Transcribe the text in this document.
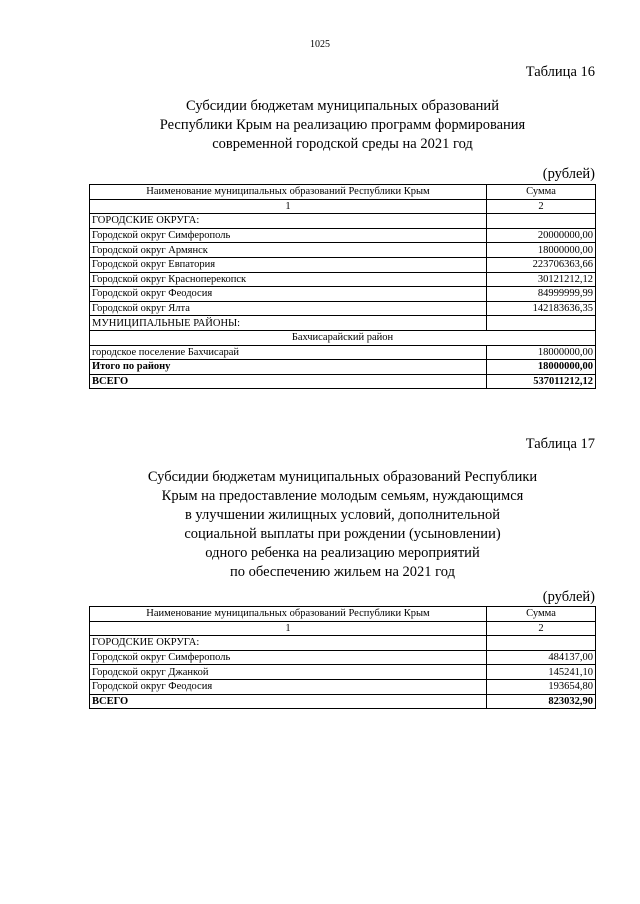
1025
Таблица 16
Субсидии бюджетам муниципальных образований
Республики Крым на реализацию программ формирования
современной городской среды на 2021 год
(рублей)
Наименование муниципальных образований Республики Крым	Сумма
1	2
ГОРОДСКИЕ ОКРУГА:	
Городской округ Симферополь	20000000,00
Городской округ Армянск	18000000,00
Городской округ Евпатория	223706363,66
Городской округ Красноперекопск	30121212,12
Городской округ Феодосия	84999999,99
Городской округ Ялта	142183636,35
МУНИЦИПАЛЬНЫЕ РАЙОНЫ:	
Бахчисарайский район	
городское поселение Бахчисарай	18000000,00
Итого по району	18000000,00
ВСЕГО	537011212,12
Таблица 17
Субсидии бюджетам муниципальных образований Республики
Крым на предоставление молодым семьям, нуждающимся
в улучшении жилищных условий, дополнительной
социальной выплаты при рождении (усыновлении)
одного ребенка на реализацию мероприятий
по обеспечению жильем на 2021 год
(рублей)
Наименование муниципальных образований Республики Крым	Сумма
1	2
ГОРОДСКИЕ ОКРУГА:	
Городской округ Симферополь	484137,00
Городской округ Джанкой	145241,10
Городской округ Феодосия	193654,80
ВСЕГО	823032,90
